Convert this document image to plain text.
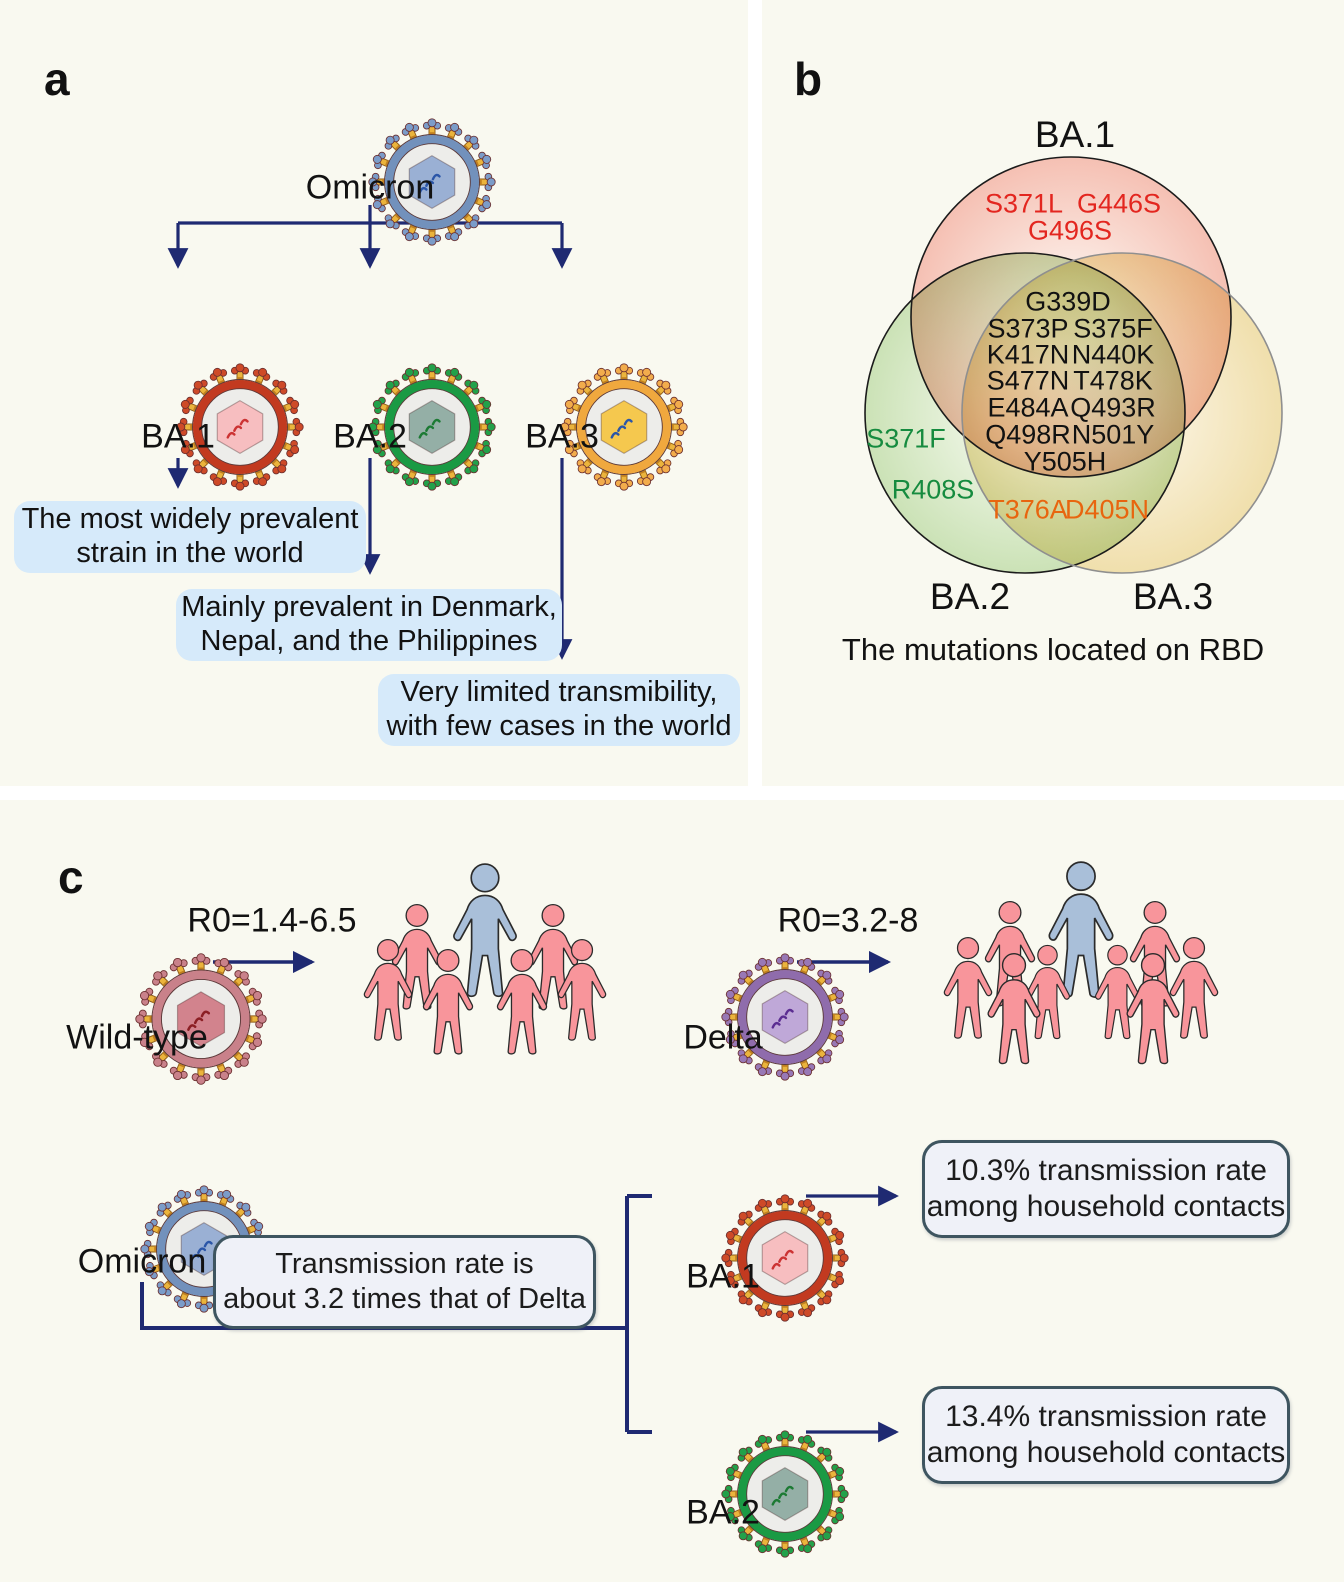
a
c
Omicron
BA.1	BA.2	BA.3
The most widely prevalent
strain in the world
Mainly prevalent in Denmark,
Nepal, and the Philippines
Very limited transmibility,
with few cases in the world
b
BA.1
BA.2	BA.3
S371L G446S
G496S
G339D
S373P S375F
K417N N440K
S477N T478K
E484A Q493R
Q498R N501Y
Y505H
S371F
R408S
T376A
D405N
The mutations located on RBD
Wild-type
R0=1.4-6.5
Delta
R0=3.2-8
Omicron Transmission rate is
about 3.2 times that of Delta
BA.1
10.3% transmission rate
among household contacts
BA.2
13.4% transmission rate
among household contacts
